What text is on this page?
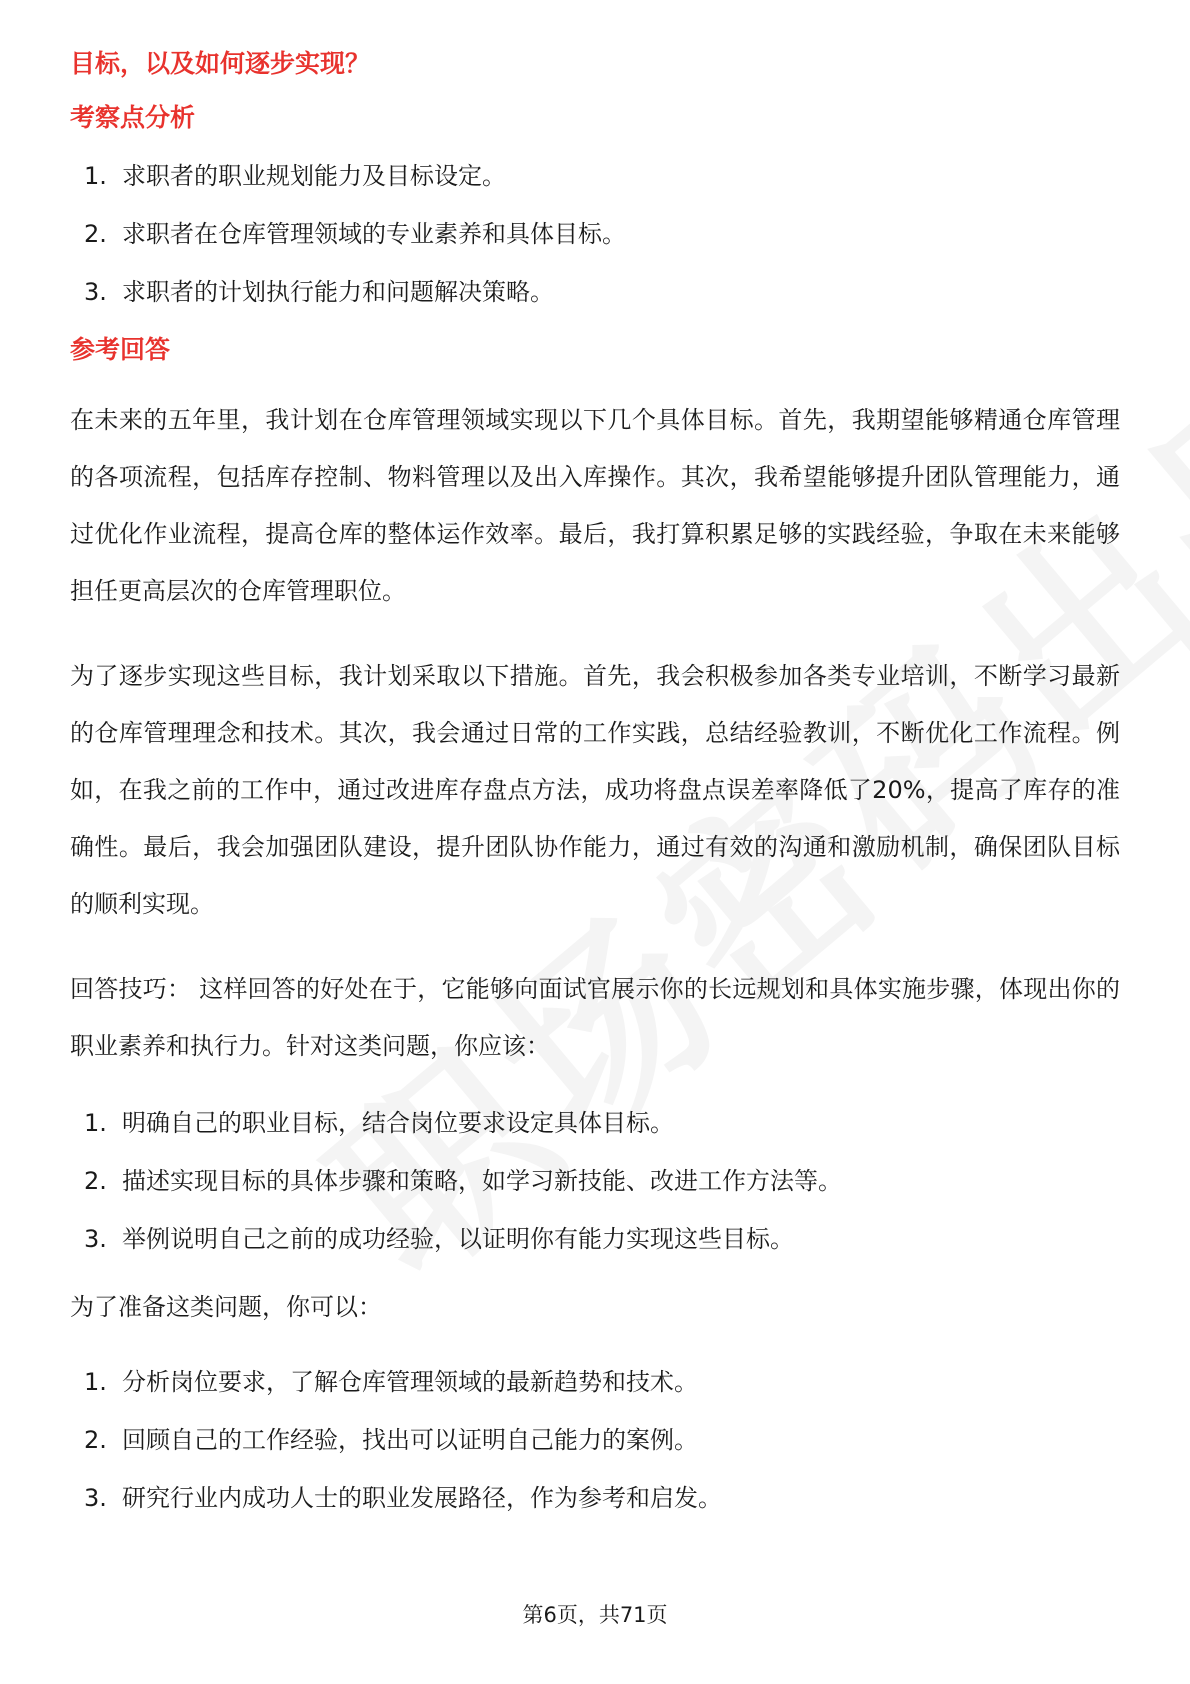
目标，以及如何逐步实现？

考察点分析

1. 求职者的职业规划能力及目标设定。
2. 求职者在仓库管理领域的专业素养和具体目标。
3. 求职者的计划执行能力和问题解决策略。

参考回答

在未来的五年里，我计划在仓库管理领域实现以下几个具体目标。首先，我期望能够精通仓库管理的各项流程，包括库存控制、物料管理以及出入库操作。其次，我希望能够提升团队管理能力，通过优化作业流程，提高仓库的整体运作效率。最后，我打算积累足够的实践经验，争取在未来能够担任更高层次的仓库管理职位。

为了逐步实现这些目标，我计划采取以下措施。首先，我会积极参加各类专业培训，不断学习最新的仓库管理理念和技术。其次，我会通过日常的工作实践，总结经验教训，不断优化工作流程。例如，在我之前的工作中，通过改进库存盘点方法，成功将盘点误差率降低了20%，提高了库存的准确性。最后，我会加强团队建设，提升团队协作能力，通过有效的沟通和激励机制，确保团队目标的顺利实现。

回答技巧： 这样回答的好处在于，它能够向面试官展示你的长远规划和具体实施步骤，体现出你的职业素养和执行力。针对这类问题，你应该：

1. 明确自己的职业目标，结合岗位要求设定具体目标。
2. 描述实现目标的具体步骤和策略，如学习新技能、改进工作方法等。
3. 举例说明自己之前的成功经验，以证明你有能力实现这些目标。

为了准备这类问题，你可以：

1. 分析岗位要求，了解仓库管理领域的最新趋势和技术。
2. 回顾自己的工作经验，找出可以证明自己能力的案例。
3. 研究行业内成功人士的职业发展路径，作为参考和启发。
第6页，共71页
